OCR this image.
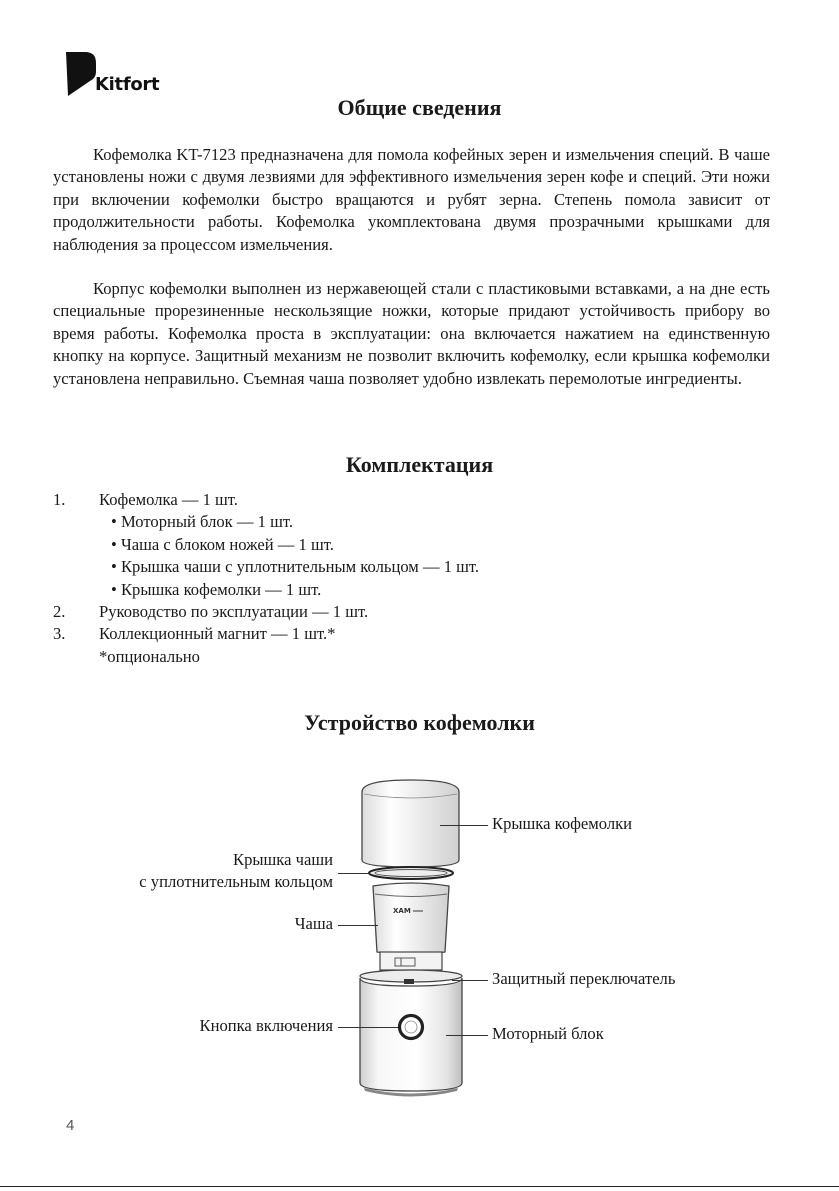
Kitfort
Общие сведения

Кофемолка KT-7123 предназначена для помола кофейных зерен и измельчения специй. В чаше установлены ножи с двумя лезвиями для эффективного измельчения зерен кофе и специй. Эти ножи при включении кофемолки быстро вращаются и рубят зерна. Степень помола зависит от продолжительности работы. Кофемолка укомплектована двумя прозрачными крышками для наблюдения за процессом измельчения.

Корпус кофемолки выполнен из нержавеющей стали с пластиковыми вставками, а на дне есть специальные прорезиненные нескользящие ножки, которые придают устойчивость прибору во время работы. Кофемолка проста в эксплуатации: она включается нажатием на единственную кнопку на корпусе. Защитный механизм не позволит включить кофемолку, если крышка кофемолки установлена неправильно. Съемная чаша позволяет удобно извлекать перемолотые ингредиенты.

Комплектация
1. Кофемолка — 1 шт.
• Моторный блок — 1 шт.
• Чаша с блоком ножей — 1 шт.
• Крышка чаши с уплотнительным кольцом — 1 шт.
• Крышка кофемолки — 1 шт.
2. Руководство по эксплуатации — 1 шт.
3. Коллекционный магнит — 1 шт.*
*опционально
Устройство кофемолки
XAM
Крышка кофемолки
Крышка чаши
с уплотнительным кольцом
Чаша
Защитный переключатель
Кнопка включения	Моторный блок
4
